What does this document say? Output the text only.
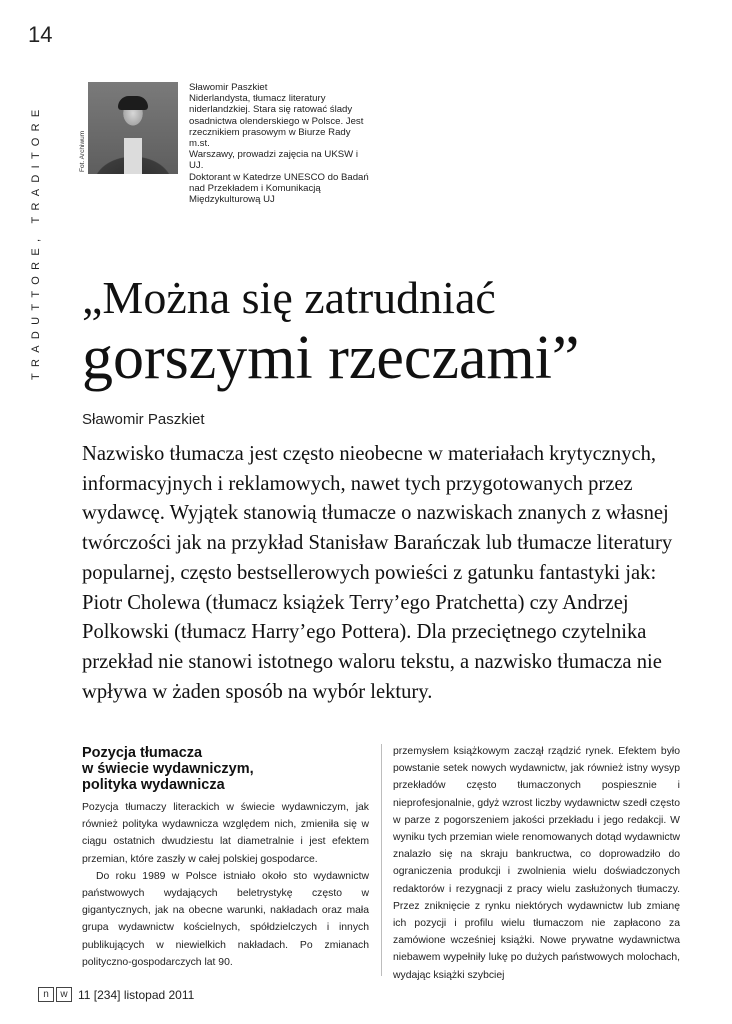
14
TRADUTTORE, TRADITORE	Fot. Archiwum
Sławomir Paszkiet
Niderlandysta, tłumacz literatury
niderlandzkiej. Stara się ratować ślady
osadnictwa olenderskiego w Polsce. Jest
rzecznikiem prasowym w Biurze Rady m.st.
Warszawy, prowadzi zajęcia na UKSW i UJ.
Doktorant w Katedrze UNESCO do Badań
nad Przekładem i Komunikacją
Międzykulturową UJ
„Można się zatrudniać
gorszymi rzeczami”
Sławomir Paszkiet

Nazwisko tłumacza jest często nieobecne w materiałach krytycznych, informacyjnych i reklamowych, nawet tych przygotowanych przez wydawcę. Wyjątek stanowią tłumacze o nazwiskach znanych z własnej twórczości jak na przykład Stanisław Barańczak lub tłumacze literatury popularnej, często bestsellerowych powieści z gatunku fantastyki jak: Piotr Cholewa (tłumacz książek Terry’ego Pratchetta) czy Andrzej Polkowski (tłumacz Harry’ego Pottera). Dla przeciętnego czytelnika przekład nie stanowi istotnego waloru tekstu, a nazwisko tłumacza nie wpływa w żaden sposób na wybór lektury.

Pozycja tłumacza
w świecie wydawniczym,
polityka wydawnicza

Pozycja tłumaczy literackich w świecie wydawniczym, jak również polityka wydawnicza względem nich, zmieniła się w ciągu ostatnich dwudziestu lat diametralnie i jest efektem przemian, które zaszły w całej polskiej gospodarce.

Do roku 1989 w Polsce istniało około sto wydawnictw państwowych wydających beletrystykę często w gigantycznych, jak na obecne warunki, nakładach oraz mała grupa wydawnictw kościelnych, spółdzielczych i innych publikujących w niewielkich nakładach. Po zmianach polityczno-gospodarczych lat 90.

przemysłem książkowym zaczął rządzić rynek. Efektem było powstanie setek nowych wydawnictw, jak również istny wysyp przekładów często tłumaczonych pospiesznie i nieprofesjonalnie, gdyż wzrost liczby wydawnictw szedł często w parze z pogorszeniem jakości przekładu i jego redakcji. W wyniku tych przemian wiele renomowanych dotąd wydawnictw znalazło się na skraju bankructwa, co doprowadziło do ograniczenia produkcji i zwolnienia wielu doświadczonych redaktorów i rezygnacji z pracy wielu zasłużonych tłumaczy. Przez zniknięcie z rynku niektórych wydawnictw lub zmianę ich pozycji i profilu wielu tłumaczom nie zapłacono za zamówione wcześniej książki. Nowe prywatne wydawnictwa niebawem wypełniły lukę po dużych państwowych molochach, wydając książki szybciej

n	w 11 [234] listopad 2011
